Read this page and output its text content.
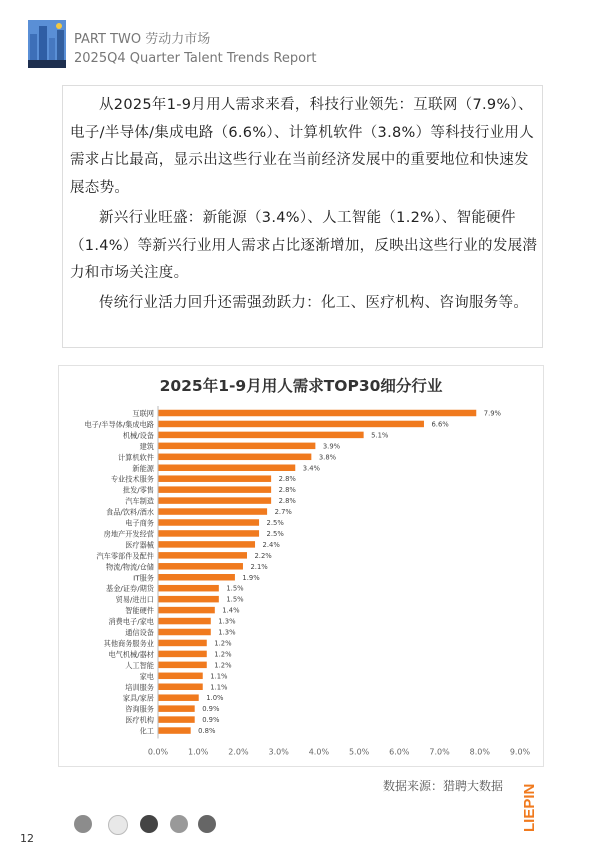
PART TWO 劳动力市场
2025Q4 Quarter Talent Trends Report

从2025年1-9月用人需求来看，科技行业领先：互联网（7.9%）、电子/半导体/集成电路（6.6%）、计算机软件（3.8%）等科技行业用人需求占比最高，显示出这些行业在当前经济发展中的重要地位和快速发展态势。

新兴行业旺盛：新能源（3.4%）、人工智能（1.2%）、智能硬件（1.4%）等新兴行业用人需求占比逐渐增加，反映出这些行业的发展潜力和市场关注度。

传统行业活力回升还需强劲跃力：化工、医疗机构、咨询服务等。

2025年1-9月用人需求TOP30细分行业
互联网	7.9%
电子/半导体/集成电路	6.6%
机械/设备	5.1%
建筑	3.9%
计算机软件	3.8%
新能源	3.4%
专业技术服务	2.8%
批发/零售	2.8%
汽车制造	2.8%
食品/饮料/酒水	2.7%
电子商务	2.5%
房地产开发经营	2.5%
医疗器械	2.4%
汽车零部件及配件	2.2%
物流/物流/仓储	2.1%
IT服务	1.9%
基金/证券/期货	1.5%
贸易/进出口	1.5%
智能硬件	1.4%
消费电子/家电	1.3%
通信设备	1.3%
其他商务服务业	1.2%
电气机械/器材	1.2%
人工智能	1.2%
家电	1.1%
培训服务	1.1%
家具/家居	1.0%
咨询服务	0.9%
医疗机构	0.9%
化工	0.8%
0.0% 1.0% 2.0% 3.0% 4.0% 5.0% 6.0% 7.0% 8.0% 9.0%
数据来源：猎聘大数据 LIEPIN
12
